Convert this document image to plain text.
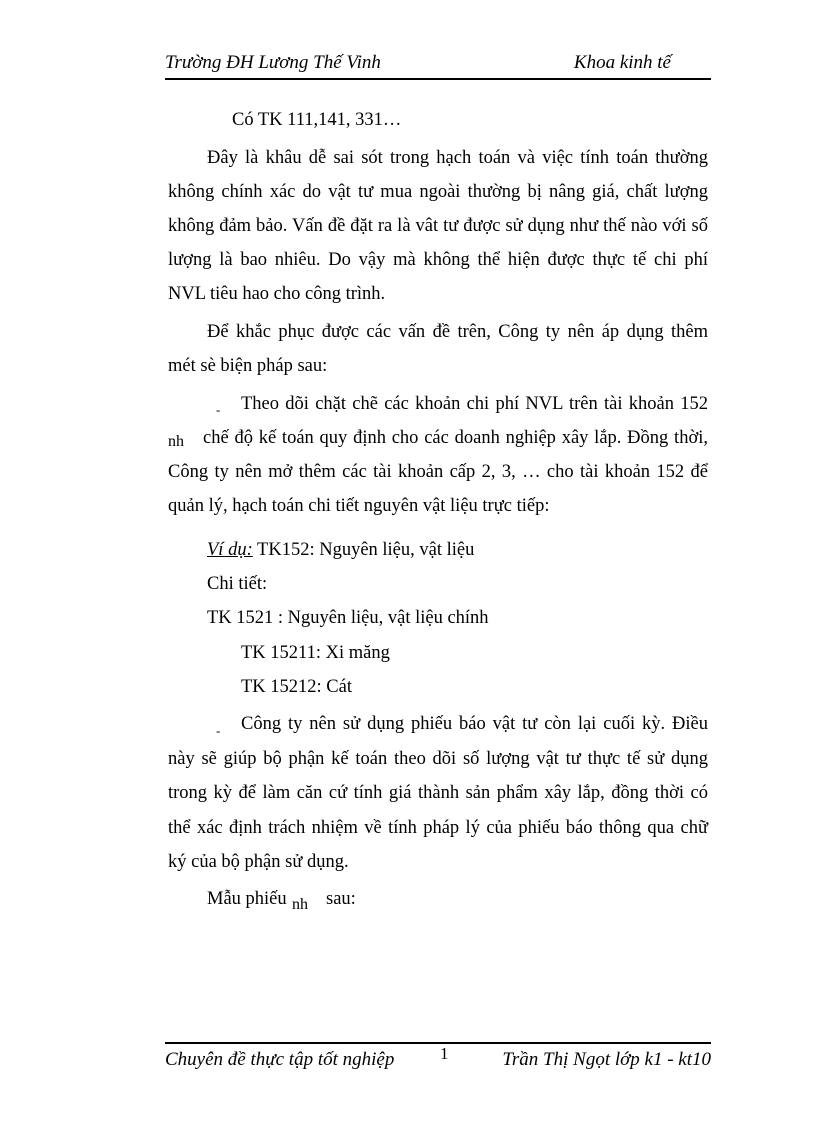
Trường ĐH Lương Thế Vinh	Khoa kinh tế
Có TK 111,141, 331…
Đây là khâu dễ sai sót trong hạch toán và việc tính toán thường
không chính xác do vật tư mua ngoài thường bị nâng giá, chất lượng
không đảm bảo. Vấn đề đặt ra là vât tư được sử dụng như thế nào với số
lượng là bao nhiêu. Do vậy mà không thể hiện được thực tế chi phí
NVL tiêu hao cho công trình.
Để khắc phục được các vấn đề trên, Công ty nên áp dụng thêm
mét sè biện pháp sau:
- Theo dõi chặt chẽ các khoản chi phí NVL trên tài khoản 152
nh chế độ kế toán quy định cho các doanh nghiệp xây lắp. Đồng thời,
Công ty nên mở thêm các tài khoản cấp 2, 3, … cho tài khoản 152 để
quản lý, hạch toán chi tiết nguyên vật liệu trực tiếp:
Ví dụ: TK152: Nguyên liệu, vật liệu
Chi tiết:
TK 1521 : Nguyên liệu, vật liệu chính
TK 15211: Xi măng
TK 15212: Cát
- Công ty nên sử dụng phiếu báo vật tư còn lại cuối kỳ. Điều
này sẽ giúp bộ phận kế toán theo dõi số lượng vật tư thực tế sử dụng
trong kỳ để làm căn cứ tính giá thành sản phẩm xây lắp, đồng thời có
thể xác định trách nhiệm về tính pháp lý của phiếu báo thông qua chữ
ký của bộ phận sử dụng.
Mẫu phiếu nh sau:
Chuyên đề thực tập tốt nghiệp	1	Trần Thị Ngọt lớp k1 - kt10
